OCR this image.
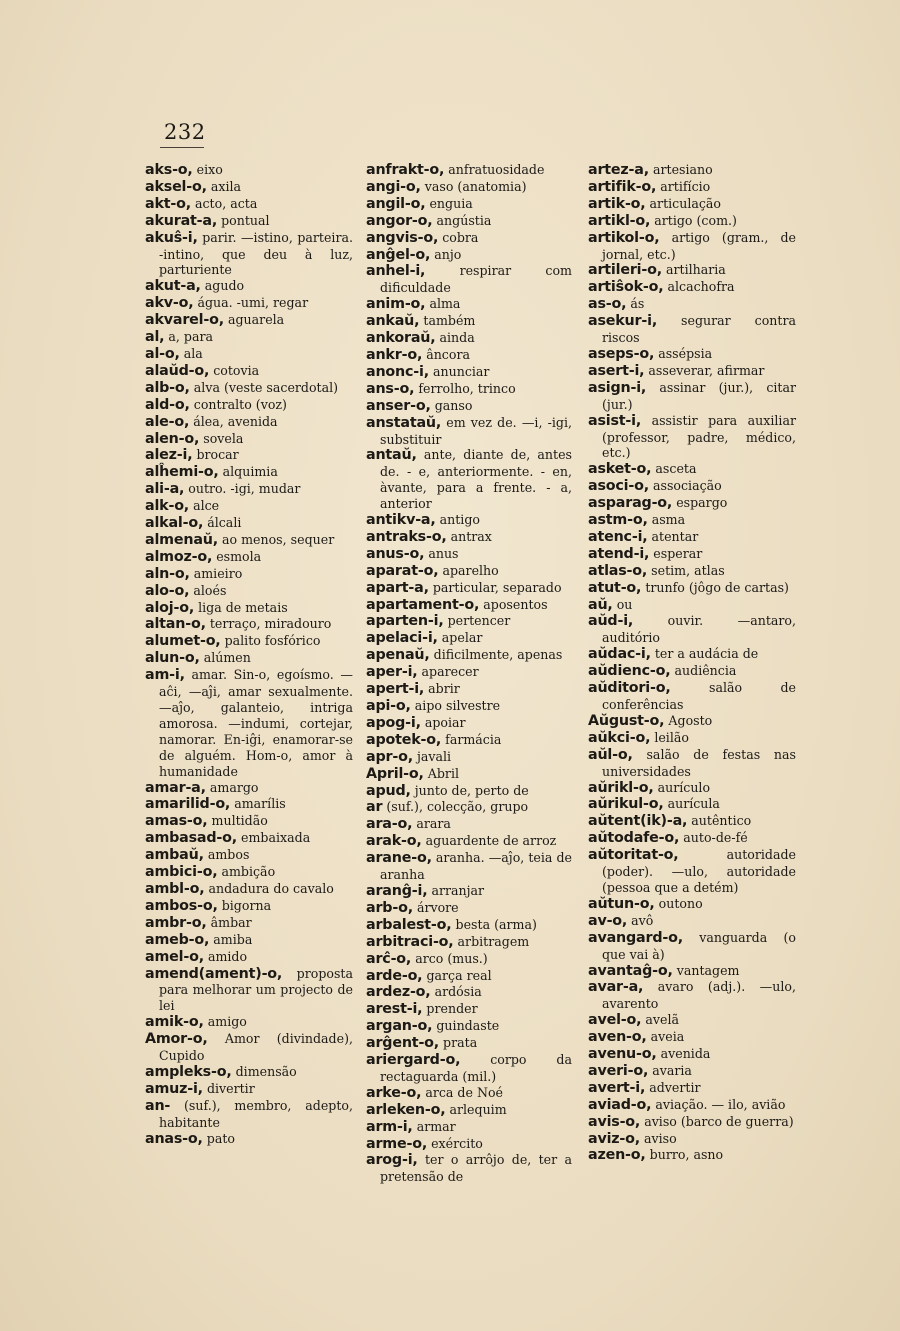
232

aks-o, eixo

aksel-o, axila

akt-o, acto, acta

akurat-a, pontual

akuŝ-i, parir. —istino, parteira. -intino, que deu à luz, parturiente

akut-a, agudo

akv-o, água. -umi, regar

akvarel-o, aguarela

al, a, para

al-o, ala

alaŭd-o, cotovia

alb-o, alva (veste sacerdotal)

ald-o, contralto (voz)

ale-o, álea, avenida

alen-o, sovela

alez-i, brocar

alĥemi-o, alquimia

ali-a, outro. -igi, mudar

alk-o, alce

alkal-o, álcali

almenaŭ, ao menos, sequer

almoz-o, esmola

aln-o, amieiro

alo-o, aloés

aloj-o, liga de metais

altan-o, terraço, miradouro

alumet-o, palito fosfórico

alun-o, alúmen

am-i, amar. Sin-o, egoísmo. —aĉi, —aĵi, amar sexualmente. —aĵo, galanteio, intriga amorosa. —indumi, cortejar, namorar. En-iĝi, enamorar-se de alguém. Hom-o, amor à humanidade

amar-a, amargo

amarilid-o, amarílis

amas-o, multidão

ambasad-o, embaixada

ambaŭ, ambos

ambici-o, ambição

ambl-o, andadura do cavalo

ambos-o, bigorna

ambr-o, âmbar

ameb-o, amiba

amel-o, amido

amend(ament)-o, proposta para melhorar um projecto de lei

amik-o, amigo

Amor-o, Amor (divindade), Cupido

ampleks-o, dimensão

amuz-i, divertir

an- (suf.), membro, adepto, habitante

anas-o, pato

anfrakt-o, anfratuosidade

angi-o, vaso (anatomia)

angil-o, enguia

angor-o, angústia

angvis-o, cobra

anĝel-o, anjo

anhel-i,	respirar com dificuldade

anim-o, alma

ankaŭ, também

ankoraŭ, ainda

ankr-o, âncora

anonc-i, anunciar

ans-o, ferrolho, trinco

anser-o, ganso

anstataŭ, em vez de. —i, -igi, substituir

antaŭ, ante, diante de, antes de. - e, anteriormente. - en, àvante, para a frente. - a, anterior

antikv-a, antigo

antraks-o, antrax

anus-o, anus

aparat-o, aparelho

apart-a, particular, separado

apartament-o, aposentos

aparten-i, pertencer

apelaci-i, apelar

apenaŭ, dificilmente, apenas

aper-i, aparecer

apert-i, abrir

api-o, aipo silvestre

apog-i, apoiar

apotek-o, farmácia

apr-o, javali

April-o, Abril

apud, junto de, perto de

ar (suf.), colecção, grupo

ara-o, arara

arak-o, aguardente de arroz

arane-o, aranha. —aĵo, teia de aranha

aranĝ-i, arranjar

arb-o, árvore

arbalest-o, besta (arma)

arbitraci-o, arbitragem

arĉ-o, arco (mus.)

arde-o, garça real

ardez-o, ardósia

arest-i, prender

argan-o, guindaste

arĝent-o, prata

ariergard-o, corpo da rectaguarda (mil.)

arke-o, arca de Noé

arleken-o, arlequim

arm-i, armar

arme-o, exército

arog-i, ter o arrôjo de, ter a pretensão de

artez-a, artesiano

artifik-o, artifício

artik-o, articulação

artikl-o, artigo (com.)

artikol-o, artigo (gram., de jornal, etc.)

artileri-o, artilharia

artiŝok-o, alcachofra

as-o, ás

asekur-i, segurar contra riscos

aseps-o, assépsia

asert-i, asseverar, afirmar

asign-i, assinar (jur.), citar (jur.)

asist-i, assistir para auxiliar (professor, padre, médico, etc.)

asket-o, asceta

asoci-o, associação

asparag-o, espargo

astm-o, asma

atenc-i, atentar

atend-i, esperar

atlas-o, setim, atlas

atut-o, trunfo (jôgo de cartas)

aŭ, ou

aŭd-i,	ouvir. —antaro, auditório

aŭdac-i, ter a audácia de

aŭdienc-o, audiência

aŭditori-o,	salão de conferências

Aŭgust-o, Agosto

aŭkci-o, leilão

aŭl-o, salão de festas nas universidades

aŭrikl-o, aurículo

aŭrikul-o, aurícula

aŭtent(ik)-a, autêntico

aŭtodafe-o, auto-de-fé

aŭtoritat-o,	autoridade (poder). —ulo, autoridade (pessoa que a detém)

aŭtun-o, outono

av-o, avô

avangard-o, vanguarda (o que vai à)

avantaĝ-o, vantagem

avar-a, avaro (adj.). —ulo, avarento

avel-o, avelã

aven-o, aveia

avenu-o, avenida

averi-o, avaria

avert-i, advertir

aviad-o, aviação. — ilo, avião

avis-o, aviso (barco de guerra)

aviz-o, aviso

azen-o, burro, asno
